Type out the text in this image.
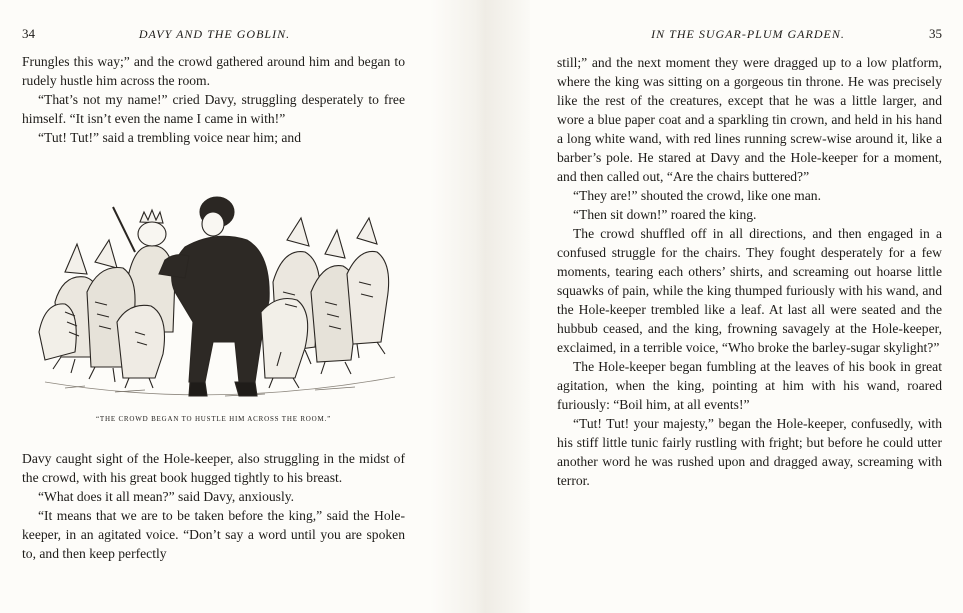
34	DAVY AND THE GOBLIN.

Frungles this way;” and the crowd gathered around him and began to rudely hustle him across the room.

“That’s not my name!” cried Davy, struggling desperately to free himself. “It isn’t even the name I came in with!”

“Tut! Tut!” said a trembling voice near him; and

“THE CROWD BEGAN TO HUSTLE HIM ACROSS THE ROOM.”

Davy caught sight of the Hole-keeper, also struggling in the midst of the crowd, with his great book hugged tightly to his breast.

“What does it all mean?” said Davy, anxiously.

“It means that we are to be taken before the king,” said the Hole-keeper, in an agitated voice. “Don’t say a word until you are spoken to, and then keep perfectly

IN THE SUGAR-PLUM GARDEN.	35

still;” and the next moment they were dragged up to a low platform, where the king was sitting on a gorgeous tin throne. He was precisely like the rest of the creatures, except that he was a little larger, and wore a blue paper coat and a sparkling tin crown, and held in his hand a long white wand, with red lines running screw-wise around it, like a barber’s pole. He stared at Davy and the Hole-keeper for a moment, and then called out, “Are the chairs buttered?”

“They are!” shouted the crowd, like one man.

“Then sit down!” roared the king.

The crowd shuffled off in all directions, and then engaged in a confused struggle for the chairs. They fought desperately for a few moments, tearing each others’ shirts, and screaming out hoarse little squawks of pain, while the king thumped furiously with his wand, and the Hole-keeper trembled like a leaf. At last all were seated and the hubbub ceased, and the king, frowning savagely at the Hole-keeper, exclaimed, in a terrible voice, “Who broke the barley-sugar skylight?”

The Hole-keeper began fumbling at the leaves of his book in great agitation, when the king, pointing at him with his wand, roared furiously: “Boil him, at all events!”

“Tut! Tut! your majesty,” began the Hole-keeper, confusedly, with his stiff little tunic fairly rustling with fright; but before he could utter another word he was rushed upon and dragged away, screaming with terror.
